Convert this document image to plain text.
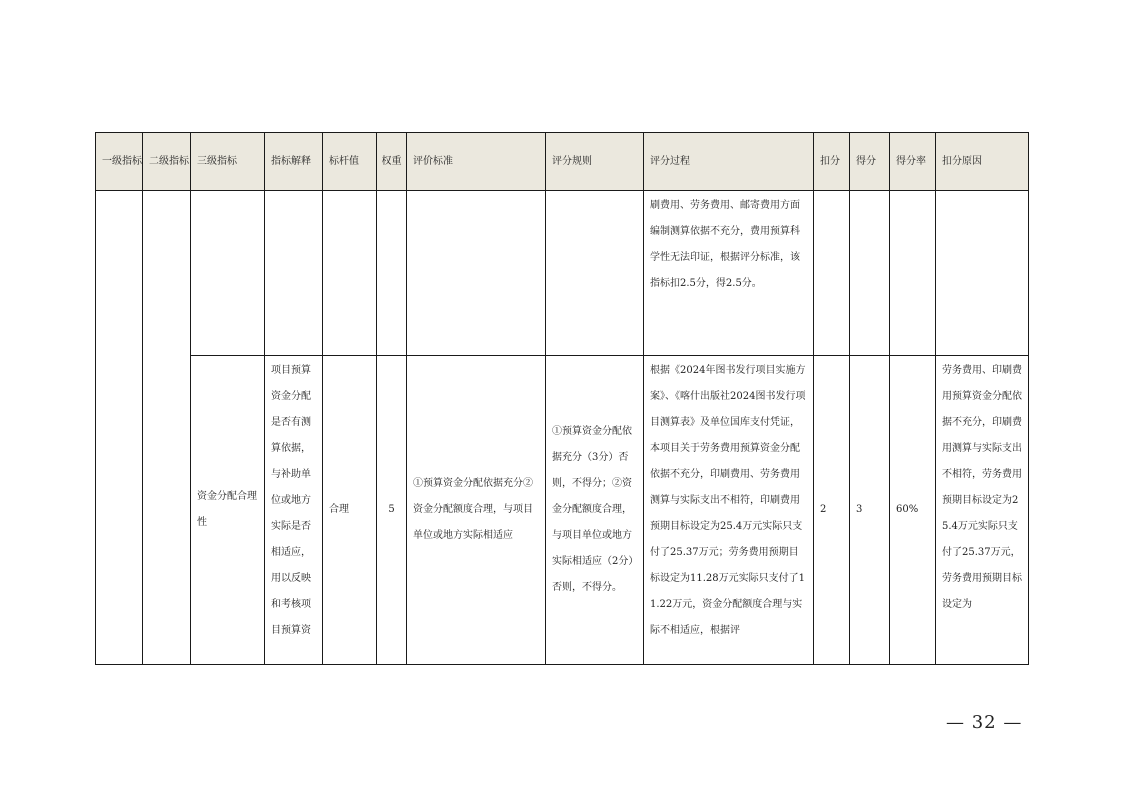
一级指标	二级指标	三级指标	指标解释	标杆值	权重	评价标准	评分规则	评分过程	扣分	得分	得分率	扣分原因

								刷费用、劳务费用、邮寄费用方面编制测算依据不充分，费用预算科学性无法印证，根据评分标准，该指标扣2.5分，得2.5分。				

		资金分配合理性	项目预算资金分配是否有测算依据，与补助单位或地方实际是否相适应，用以反映和考核项目预算资	合理	5	①预算资金分配依据充分②资金分配额度合理，与项目单位或地方实际相适应	①预算资金分配依据充分（3分）否则，不得分；②资金分配额度合理，与项目单位或地方实际相适应（2分）否则，不得分。	根据《2024年图书发行项目实施方案》、《喀什出版社2024图书发行项目测算表》及单位国库支付凭证，本项目关于劳务费用预算资金分配依据不充分，印刷费用、劳务费用测算与实际支出不相符，印刷费用预期目标设定为25.4万元实际只支付了25.37万元；劳务费用预期目标设定为11.28万元实际只支付了11.22万元，资金分配额度合理与实际不相适应，根据评	2	3	60%	劳务费用、印刷费用预算资金分配依据不充分，印刷费用测算与实际支出不相符，劳务费用预期目标设定为25.4万元实际只支付了25.37万元，劳务费用预期目标设定为
— 32 —
